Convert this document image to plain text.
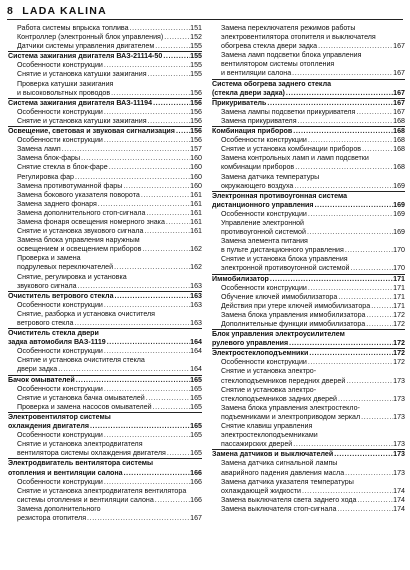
8 LADA KALINA
Работа системы впрыска топлива .....	151
Контроллер (электронный блок управления) .....	152
Датчики системы управления двигателем .....	155
Система зажигания двигателя ВАЗ-21114-50 .....	155
Особенности конструкции .....	155
Снятие и установка катушки зажигания .....	155
Проверка катушки зажигания
и высоковольтных проводов .....	156
Система зажигания двигателя ВАЗ-11194 .....	156
Особенности конструкции .....	156
Снятие и установка катушки зажигания .....	156
Освещение, световая и звуковая сигнализация ..... 156
Особенности конструкции .....	156
Замена ламп .....	157
Замена блок-фары .....	160
Снятие стекла в блок-фаре .....	160
Регулировка фар .....	160
Замена противотуманной фары .....	160
Замена бокового указателя поворота .....	161
Замена заднего фонаря .....	161
Замена дополнительного стоп-сигнала .....	161
Замена фонаря освещения номерного знака .....	161
Снятие и установка звукового сигнала .....	161
Замена блока управления наружным
освещением и освещением приборов .....	162
Проверка и замена
подрулевых переключателей .....	162
Снятие, регулировка и установка
звукового сигнала .....	163
Очиститель ветрового стекла .....	163
Особенности конструкции .....	163
Снятие, разборка и установка очистителя
ветрового стекла .....	163
Очиститель стекла двери
задка автомобиля ВАЗ-1119 .....	164
Особенности конструкции .....	164
Снятие и установка очистителя стекла
двери задка .....	164
Бачок омывателей .....	165
Особенности конструкции .....	165
Снятие и установка бачка омывателей .....	165
Проверка и замена насосов омывателей .....	165
Электровентилятор системы
охлаждения двигателя .....	165
Особенности конструкции .....	165
Снятие и установка электродвигателя
вентилятора системы охлаждения двигателя .....	165
Электродвигатель вентилятора системы
отопления и вентиляции салона .....	166
Особенности конструкции .....	166
Снятие и установка электродвигателя вентилятора
системы отопления и вентиляции салона .....	166
Замена дополнительного
резистора отопителя .....	167
Замена переключателя режимов работы
электровентилятора отопителя и выключателя
обогрева стекла двери задка .....	167
Замена ламп подсветки блока управления
вентилятором системы отопления
и вентиляции салона .....	167
Система обогрева заднего стекла
(стекла двери задка) .....	167
Прикуриватель .....	167
Замена лампы подсветки прикуривателя .....	167
Замена прикуривателя .....	168
Комбинация приборов .....	168
Особенности конструкции .....	168
Снятие и установка комбинации приборов .....	168
Замена контрольных ламп и ламп подсветки
комбинации приборов .....	168
Замена датчика температуры
окружающего воздуха .....	169
Электронная противоугонная система
дистанционного управления .....	169
Особенности конструкции .....	169
Управление электронной
противоугонной системой .....	169
Замена элемента питания
в пульте дистанционного управления .....	170
Снятие и установка блока управления
электронной противоугонной системой .....	170
Иммобилизатор .....	171
Особенности конструкции .....	171
Обучение ключей иммобилизатора .....	171
Действия при утере ключей иммобилизатора .....	171
Замена блока управления иммобилизатора .....	172
Дополнительные функции иммобилизатора .....	172
Блок управления электроусилителем
рулевого управления .....	172
Электростеклоподъемники .....	172
Особенности конструкции .....	172
Снятие и установка электро-
стеклоподъемников передних дверей .....	173
Снятие и установка электро-
стеклоподъемников задних дверей .....	173
Замена блока управления электростекло-
подъемниками и электроприводом зеркал .....	173
Снятие клавиш управления
электростеклоподъемниками
пассажирских дверей .....	173
Замена датчиков и выключателей .....	173
Замена датчика сигнальной лампы
аварийного падения давления масла .....	173
Замена датчика указателя температуры
охлаждающей жидкости .....	174
Замена выключателя света заднего хода .....	174
Замена выключателя стоп-сигнала .....	174
